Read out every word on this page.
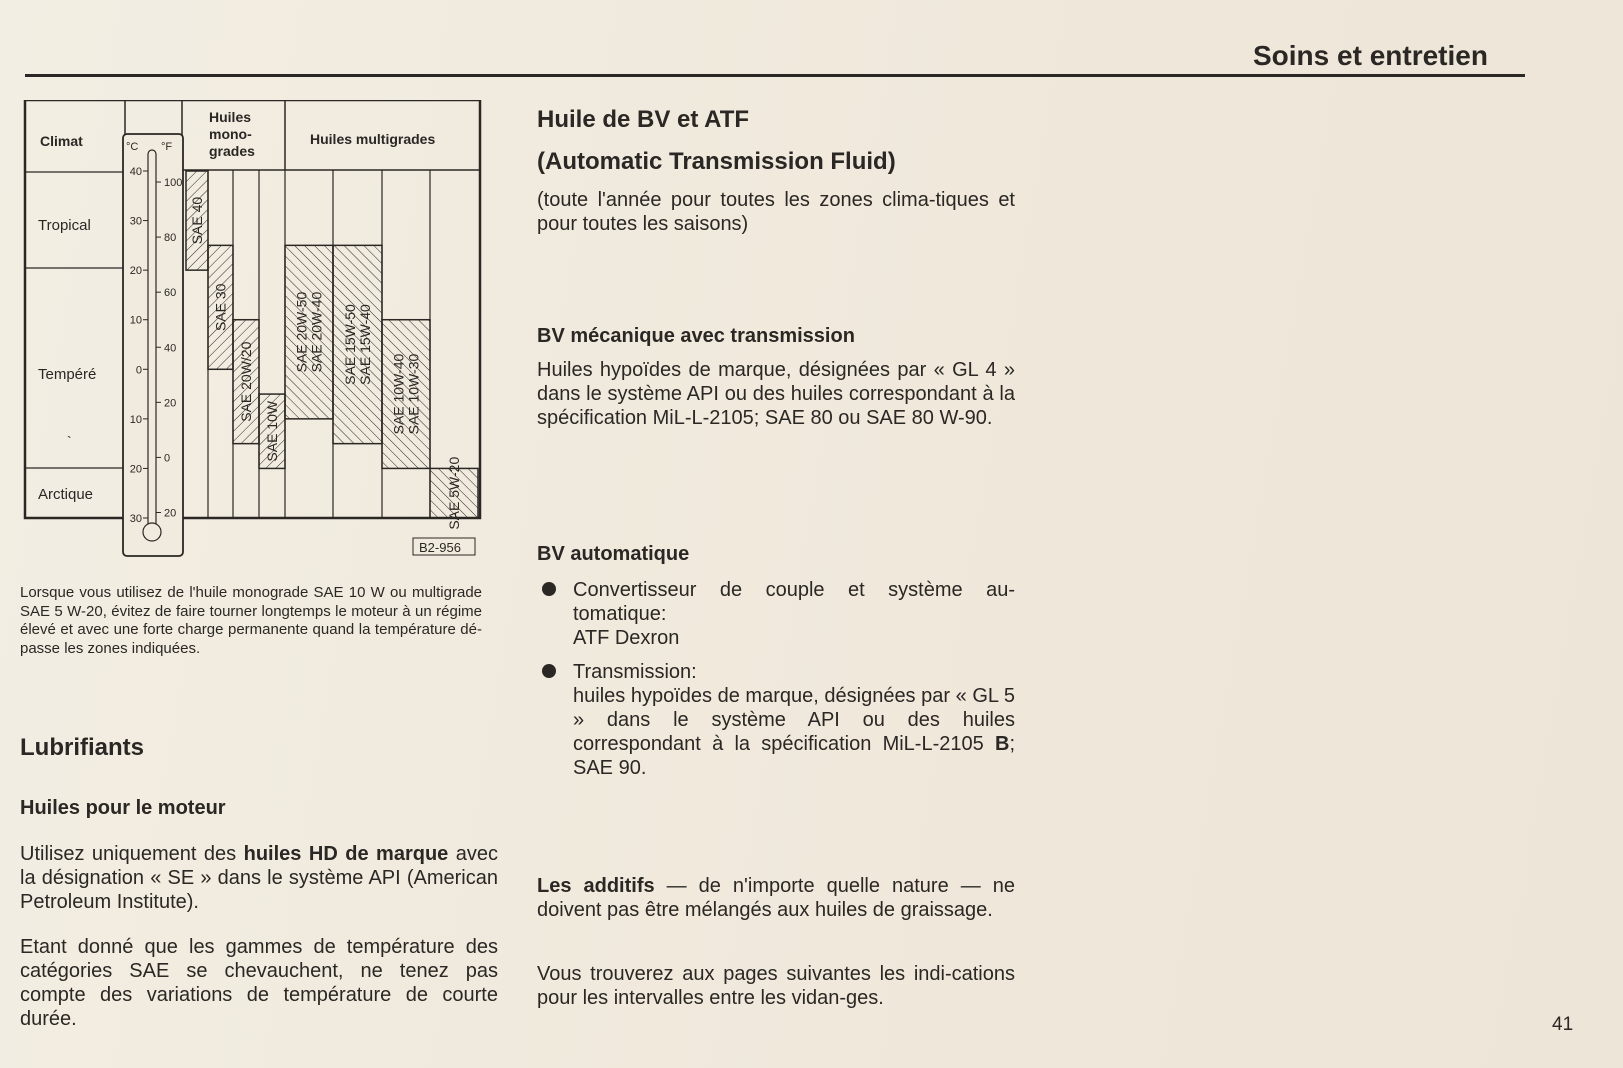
Soins et entretien
Climat
Huiles
mono-
grades
Huiles multigrades
Tropical
Tempéré
Arctique
`
°C °F
40
30
20
10
0
10
20
30
100
80
60
40
20
0
20
SAE 40
SAE 30
SAE 20W/20
SAE 10W
SAE 20W-50 SAE 20W-40 SAE 15W-50 SAE 15W-40
SAE 10W-40 SAE 10W-30
SAE 5W-20
B2-956
Lorsque vous utilisez de l'huile monograde SAE 10 W ou multigrade SAE 5 W-20, évitez de faire tourner longtemps le moteur à un régime élevé et avec une forte charge permanente quand la température dé-passe les zones indiquées.
Lubrifiants
Huiles pour le moteur
Utilisez uniquement des huiles HD de marque avec la désignation « SE » dans le système API (American Petroleum Institute).
Etant donné que les gammes de température des catégories SAE se chevauchent, ne tenez pas compte des variations de température de courte durée.
Huile de BV et ATF
(Automatic Transmission Fluid)
(toute l'année pour toutes les zones clima-tiques et pour toutes les saisons)
BV mécanique avec transmission
Huiles hypoïdes de marque, désignées par « GL 4 » dans le système API ou des huiles correspondant à la spécification MiL-L-2105; SAE 80 ou SAE 80 W-90.
BV automatique
Convertisseur de couple et système au-tomatique:
ATF Dexron
Transmission:
huiles hypoïdes de marque, désignées par « GL 5 » dans le système API ou des huiles correspondant à la spécification MiL-L-2105 B; SAE 90.
Les additifs — de n'importe quelle nature — ne doivent pas être mélangés aux huiles de graissage.
Vous trouverez aux pages suivantes les indi-cations pour les intervalles entre les vidan-ges.
41
